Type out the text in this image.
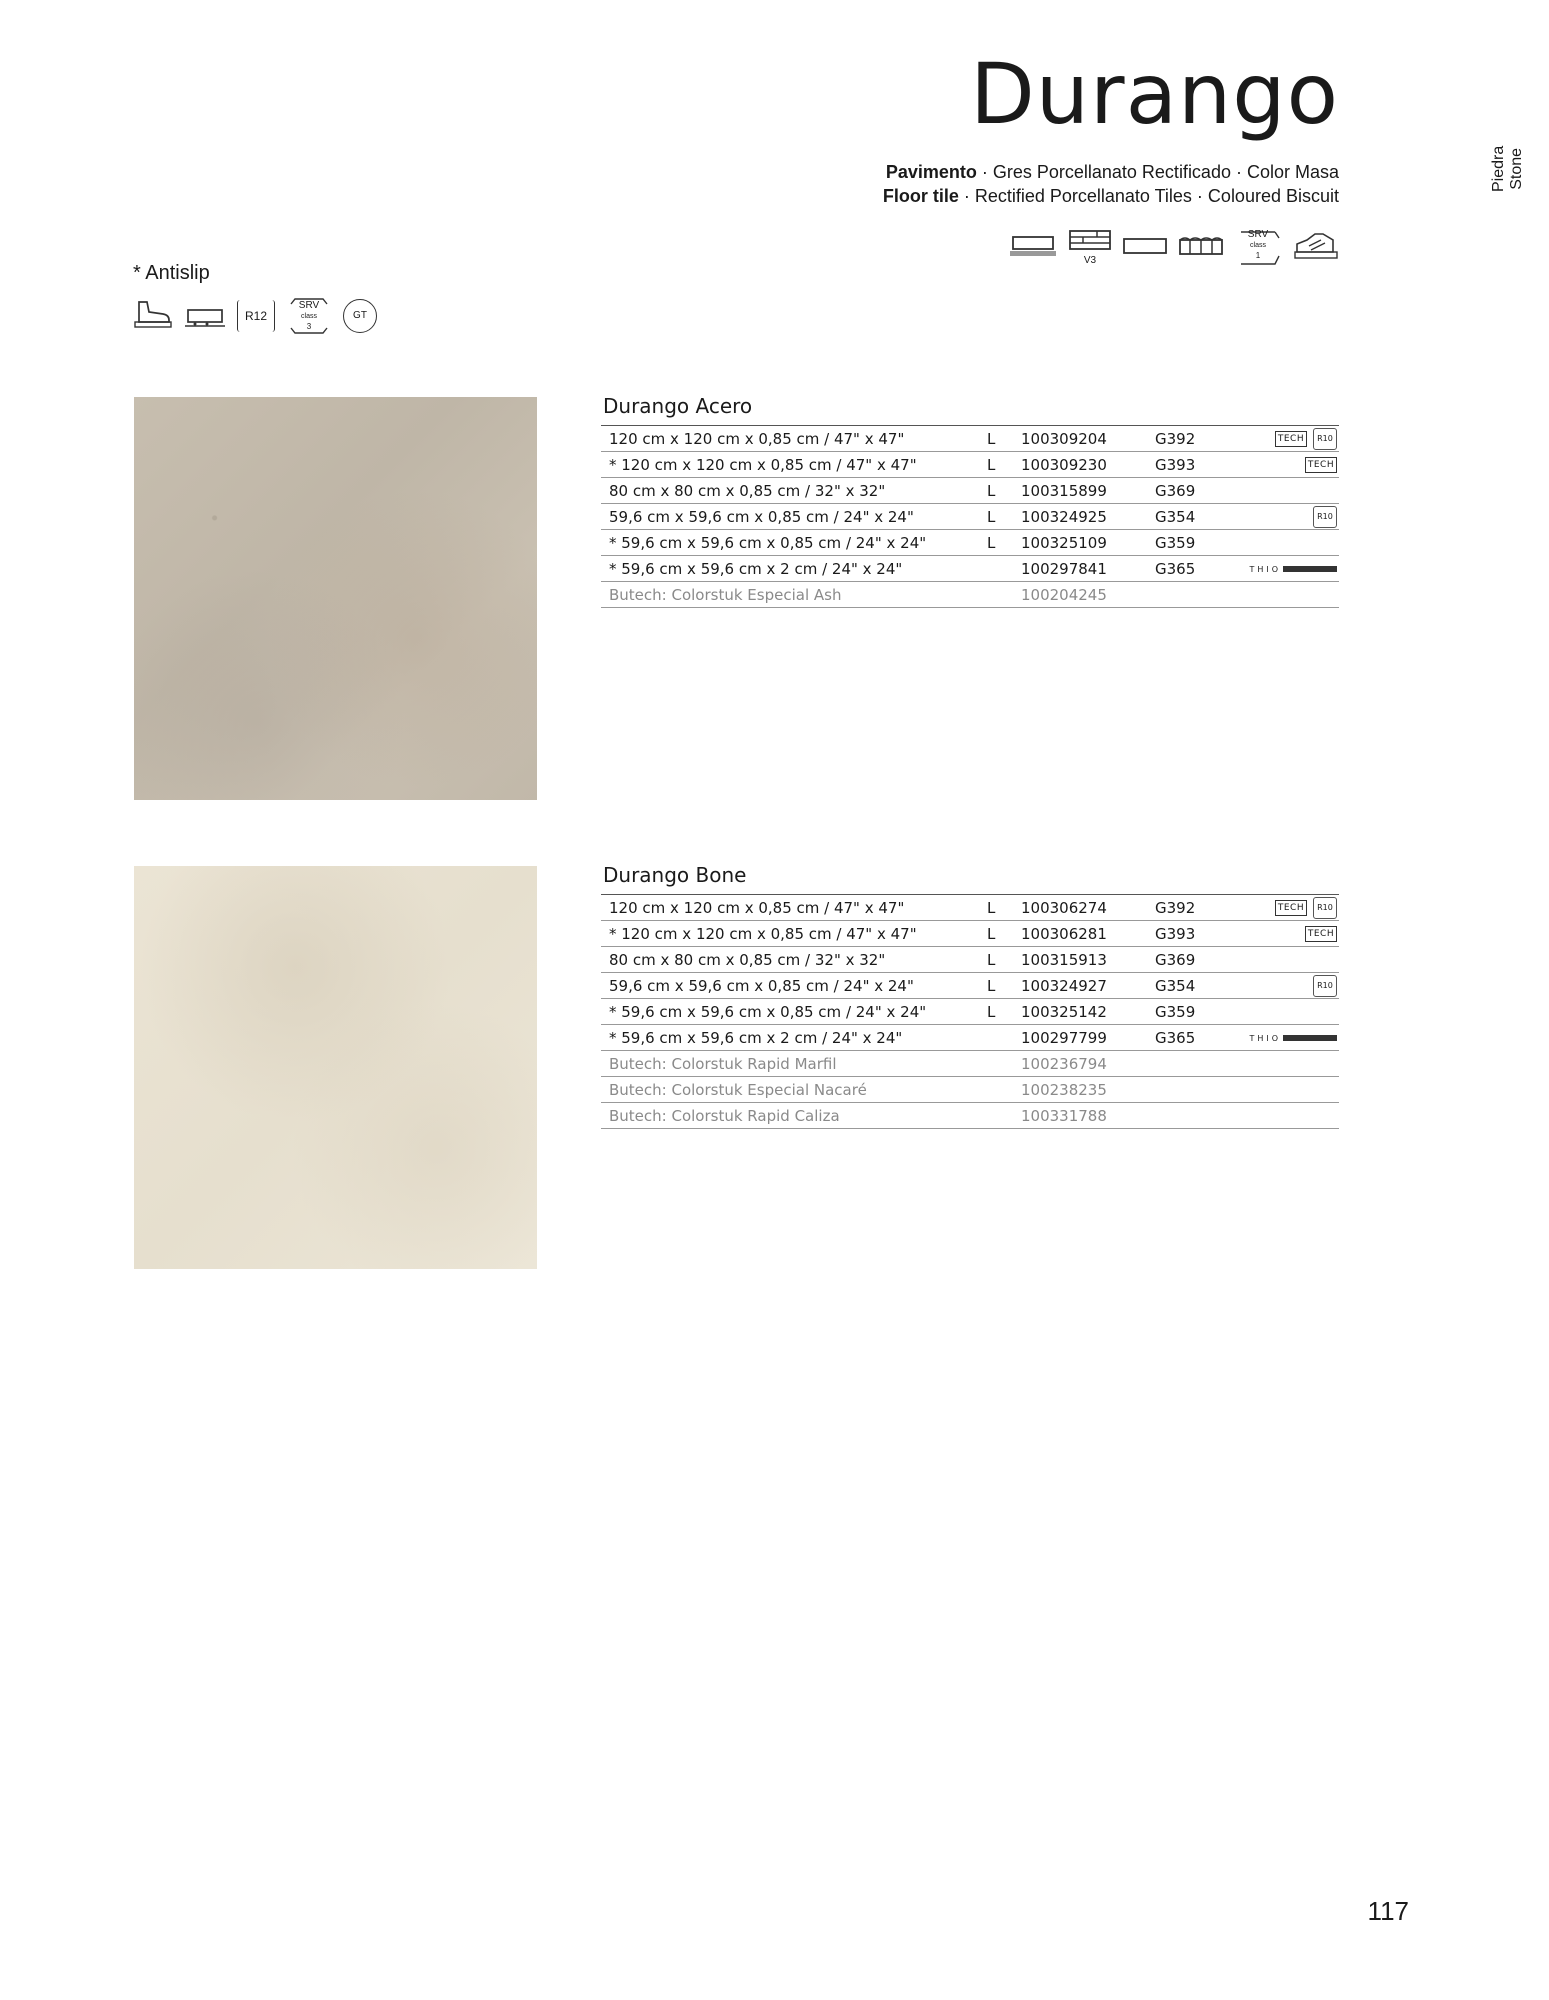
Durango
Pavimento · Gres Porcellanato Rectificado · Color Masa
Floor tile · Rectified Porcellanato Tiles · Coloured Biscuit
Piedra Stone
V3
SRV
class
1
* Antislip
R12
SRV
class
3
GT
Durango Acero
120 cm x 120 cm x 0,85 cm / 47" x 47"	L	100309204	G392	TECH R10
* 120 cm x 120 cm x 0,85 cm / 47" x 47"	L	100309230	G393	TECH
80 cm x 80 cm x 0,85 cm / 32" x 32"	L	100315899	G369	
59,6 cm x 59,6 cm x 0,85 cm / 24" x 24"	L	100324925	G354	R10
* 59,6 cm x 59,6 cm x 0,85 cm / 24" x 24"	L	100325109	G359	
* 59,6 cm x 59,6 cm x 2 cm / 24" x 24"		100297841	G365	THIO
Butech: Colorstuk Especial Ash		100204245		
Durango Bone
120 cm x 120 cm x 0,85 cm / 47" x 47"	L	100306274	G392	TECH R10
* 120 cm x 120 cm x 0,85 cm / 47" x 47"	L	100306281	G393	TECH
80 cm x 80 cm x 0,85 cm / 32" x 32"	L	100315913	G369	
59,6 cm x 59,6 cm x 0,85 cm / 24" x 24"	L	100324927	G354	R10
* 59,6 cm x 59,6 cm x 0,85 cm / 24" x 24"	L	100325142	G359	
* 59,6 cm x 59,6 cm x 2 cm / 24" x 24"		100297799	G365	THIO
Butech: Colorstuk Rapid Marfil		100236794		
Butech: Colorstuk Especial Nacaré		100238235		
Butech: Colorstuk Rapid Caliza		100331788		
117
